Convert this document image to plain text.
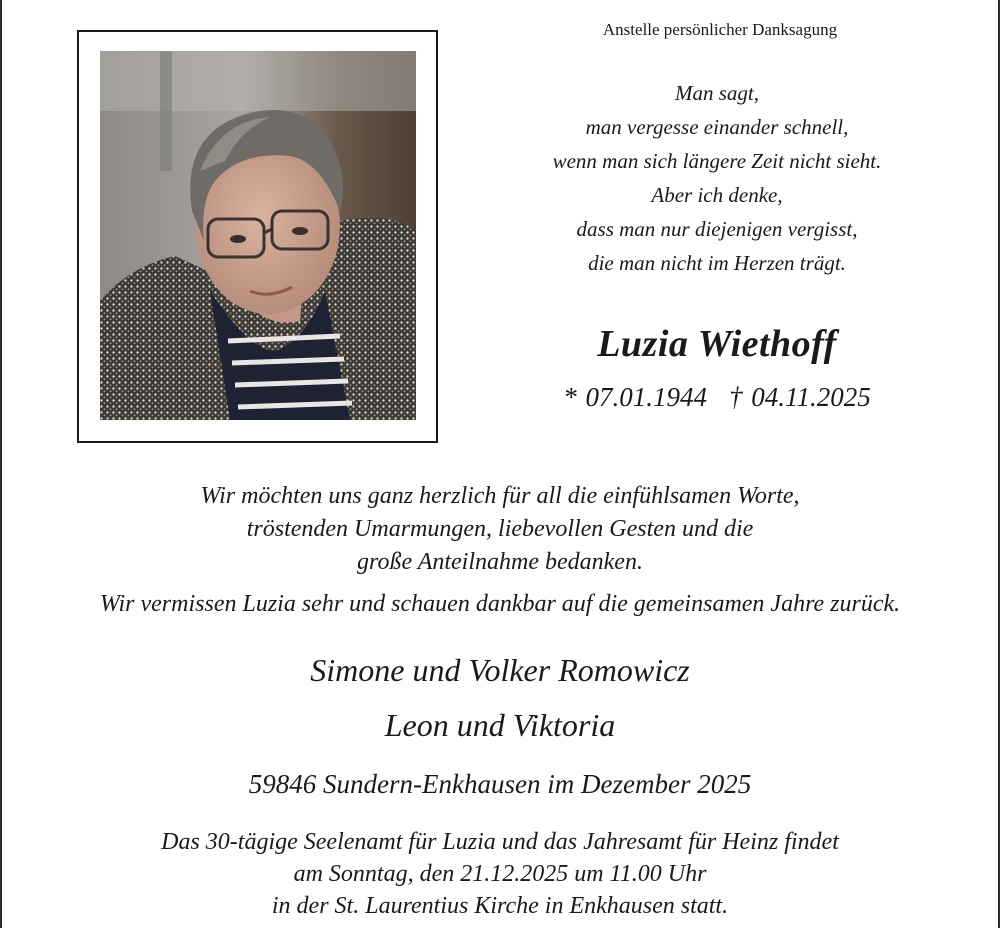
Anstelle persönlicher Danksagung
Man sagt,
man vergesse einander schnell,
wenn man sich längere Zeit nicht sieht.
Aber ich denke,
dass man nur diejenigen vergisst,
die man nicht im Herzen trägt.
Luzia Wiethoff
* 07.01.1944 † 04.11.2025
Wir möchten uns ganz herzlich für all die einfühlsamen Worte,
tröstenden Umarmungen, liebevollen Gesten und die
große Anteilnahme bedanken.
Wir vermissen Luzia sehr und schauen dankbar auf die gemeinsamen Jahre zurück.
Simone und Volker Romowicz
Leon und Viktoria
59846 Sundern-Enkhausen im Dezember 2025
Das 30-tägige Seelenamt für Luzia und das Jahresamt für Heinz findet
am Sonntag, den 21.12.2025 um 11.00 Uhr
in der St. Laurentius Kirche in Enkhausen statt.
